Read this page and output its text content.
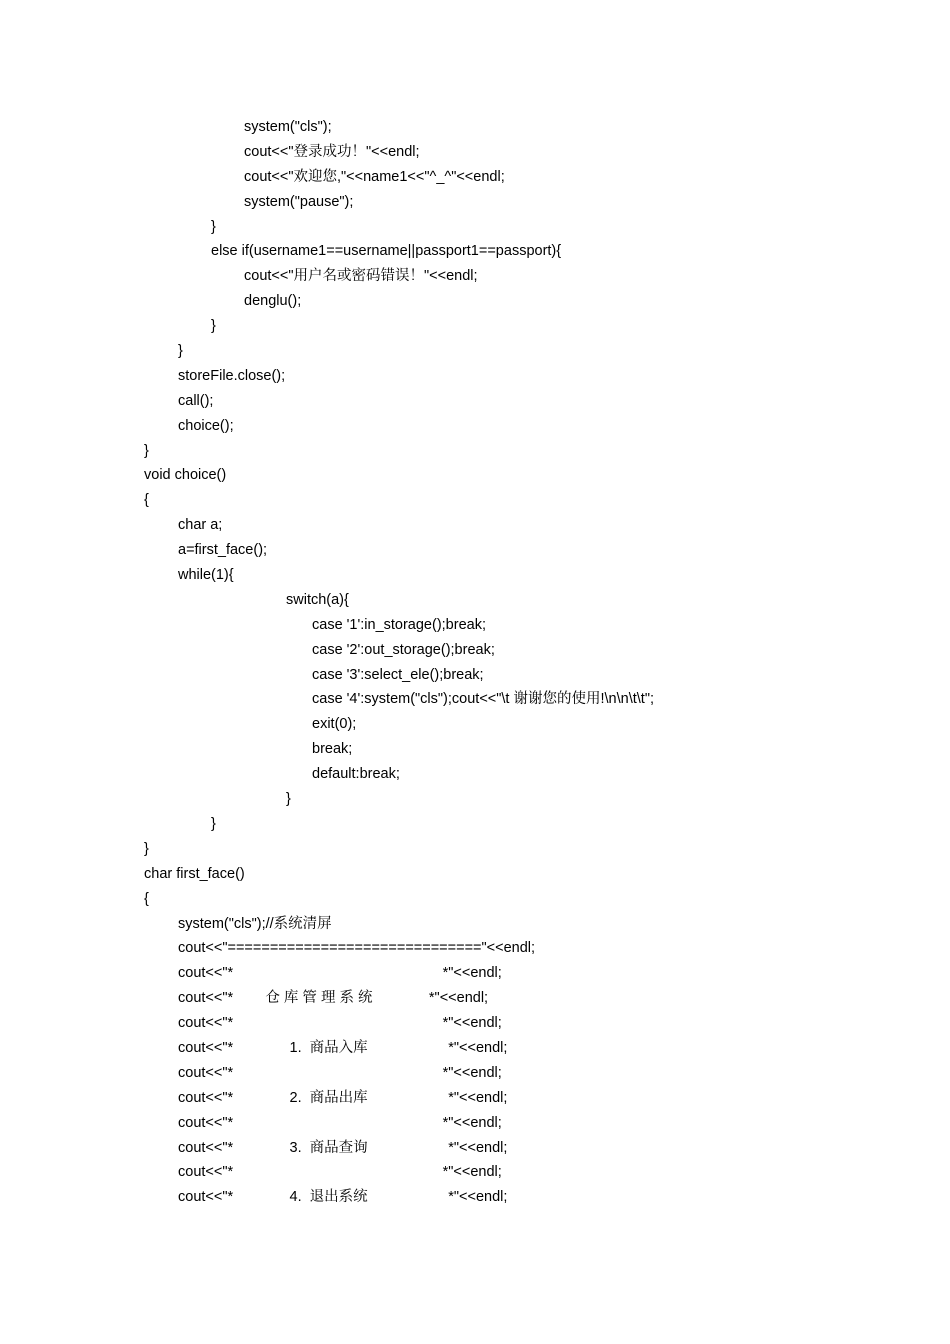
system("cls");
cout<<"登录成功！"<<endl;
cout<<"欢迎您,"<<name1<<"^_^"<<endl;
system("pause");
}
else if(username1==username||passport1==passport){
cout<<"用户名或密码错误！"<<endl;
denglu();
}
}
storeFile.close();
call();
choice();
}
void choice()
{
char a;
a=first_face();
while(1){
switch(a){
case '1':in_storage();break;
case '2':out_storage();break;
case '3':select_ele();break;
case '4':system("cls");cout<<"\t 谢谢您的使用!\n\n\t\t";
exit(0);
break;
default:break;
}
}
}
char first_face()
{
system("cls");//系统清屏
cout<<"=============================="<<endl;
cout<<"*                                                    *"<<endl;
cout<<"*        仓 库 管 理 系 统              *"<<endl;
cout<<"*                                                    *"<<endl;
cout<<"*              1.  商品入库                    *"<<endl;
cout<<"*                                                    *"<<endl;
cout<<"*              2.  商品出库                    *"<<endl;
cout<<"*                                                    *"<<endl;
cout<<"*              3.  商品查询                    *"<<endl;
cout<<"*                                                    *"<<endl;
cout<<"*              4.  退出系统                    *"<<endl;
